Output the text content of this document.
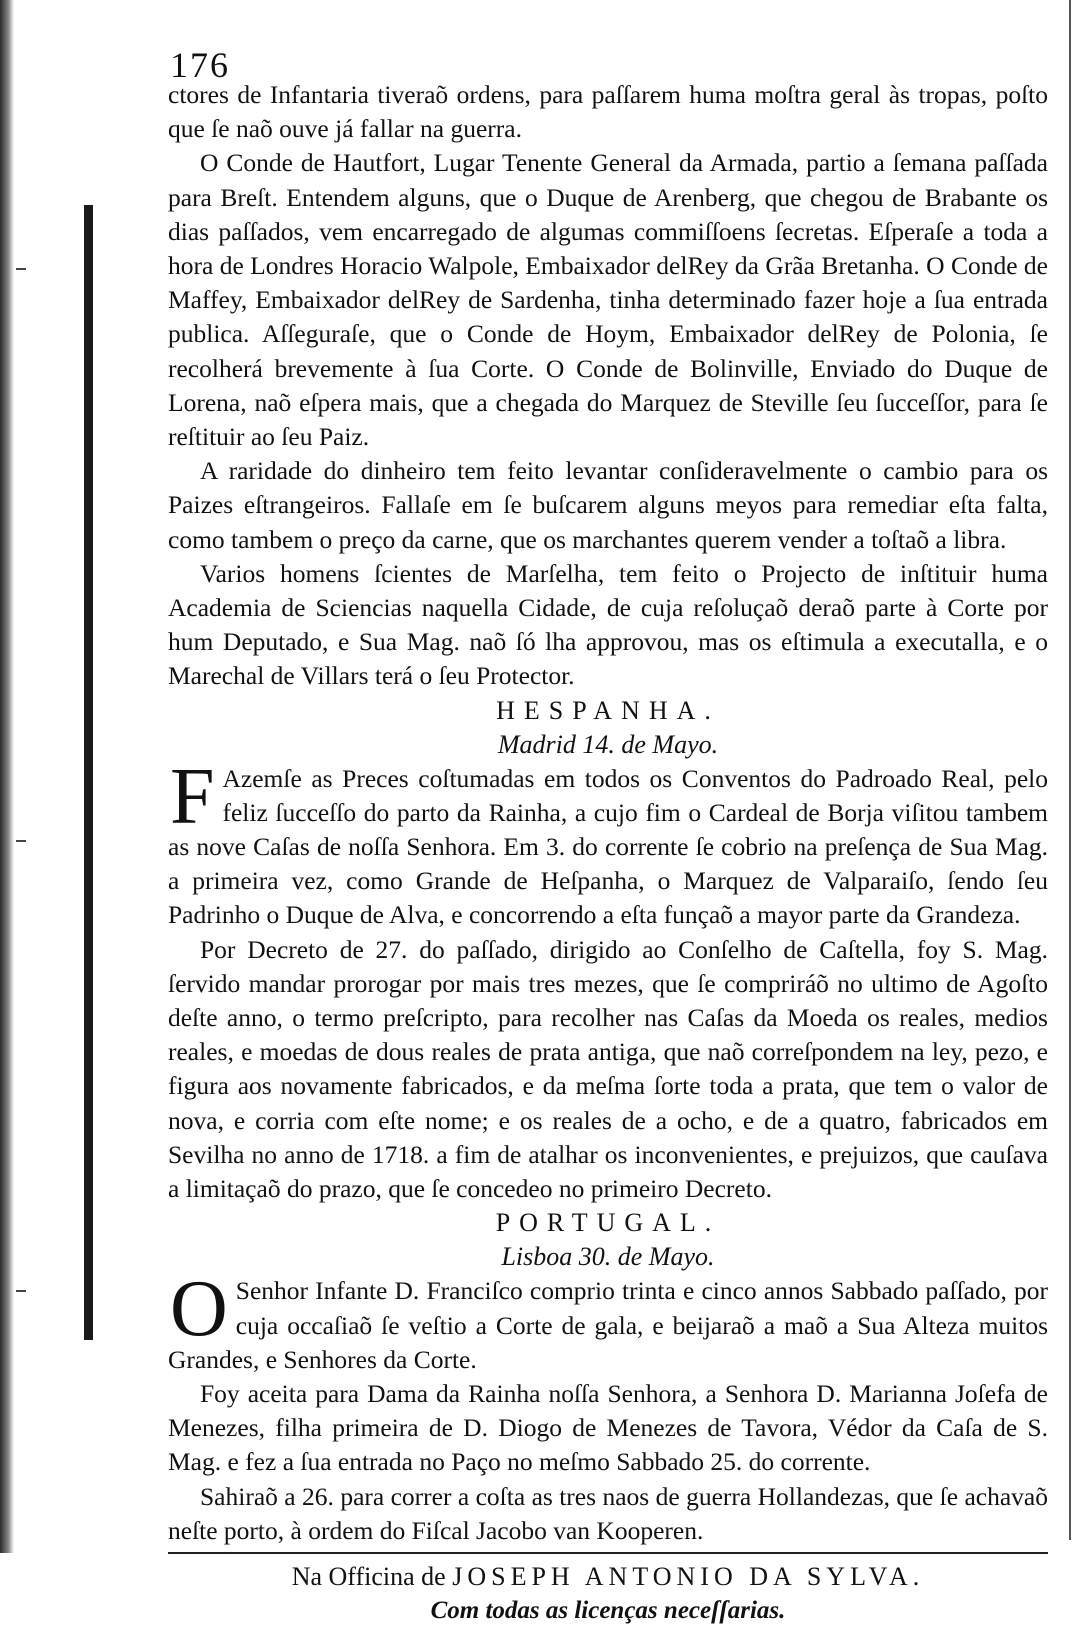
176

ctores de Infantaria tiveraõ ordens, para paſſarem huma moſtra geral às tropas, poſto que ſe naõ ouve já fallar na guerra.

O Conde de Hautfort, Lugar Tenente General da Armada, partio a ſemana paſſada para Breſt. Entendem alguns, que o Duque de Arenberg, que chegou de Brabante os dias paſſados, vem encarregado de algumas commiſſoens ſecretas. Eſperaſe a toda a hora de Londres Horacio Walpole, Embaixador delRey da Grãa Bretanha. O Conde de Maffey, Embaixador delRey de Sardenha, tinha determinado fazer hoje a ſua entrada publica. Aſſeguraſe, que o Conde de Hoym, Embaixador delRey de Polonia, ſe recolherá brevemente à ſua Corte. O Conde de Bolinville, Enviado do Duque de Lorena, naõ eſpera mais, que a chegada do Marquez de Steville ſeu ſucceſſor, para ſe reſtituir ao ſeu Paiz.

A raridade do dinheiro tem feito levantar conſideravelmente o cambio para os Paizes eſtrangeiros. Fallaſe em ſe buſcarem alguns meyos para remediar eſta falta, como tambem o preço da carne, que os marchantes querem vender a toſtaõ a libra.

Varios homens ſcientes de Marſelha, tem feito o Projecto de inſtituir huma Academia de Sciencias naquella Cidade, de cuja reſoluçaõ deraõ parte à Corte por hum Deputado, e Sua Mag. naõ ſó lha approvou, mas os eſtimula a executalla, e o Marechal de Villars terá o ſeu Protector.

HESPANHA.
Madrid 14. de Mayo.

FAzemſe as Preces coſtumadas em todos os Conventos do Padroado Real, pelo feliz ſucceſſo do parto da Rainha, a cujo fim o Cardeal de Borja viſitou tambem as nove Caſas de noſſa Senhora. Em 3. do corrente ſe cobrio na preſença de Sua Mag. a primeira vez, como Grande de Heſpanha, o Marquez de Valparaiſo, ſendo ſeu Padrinho o Duque de Alva, e concorrendo a eſta funçaõ a mayor parte da Grandeza.

Por Decreto de 27. do paſſado, dirigido ao Conſelho de Caſtella, foy S. Mag. ſervido mandar prorogar por mais tres mezes, que ſe compriráõ no ultimo de Agoſto deſte anno, o termo preſcripto, para recolher nas Caſas da Moeda os reales, medios reales, e moedas de dous reales de prata antiga, que naõ correſpondem na ley, pezo, e figura aos novamente fabricados, e da meſma ſorte toda a prata, que tem o valor de nova, e corria com eſte nome; e os reales de a ocho, e de a quatro, fabricados em Sevilha no anno de 1718. a fim de atalhar os inconvenientes, e prejuizos, que cauſava a limitaçaõ do prazo, que ſe concedeo no primeiro Decreto.

PORTUGAL.
Lisboa 30. de Mayo.

OSenhor Infante D. Franciſco comprio trinta e cinco annos Sabbado paſſado, por cuja occaſiaõ ſe veſtio a Corte de gala, e beijaraõ a maõ a Sua Alteza muitos Grandes, e Senhores da Corte.

Foy aceita para Dama da Rainha noſſa Senhora, a Senhora D. Marianna Joſefa de Menezes, filha primeira de D. Diogo de Menezes de Tavora, Védor da Caſa de S. Mag. e fez a ſua entrada no Paço no meſmo Sabbado 25. do corrente.

Sahiraõ a 26. para correr a coſta as tres naos de guerra Hollandezas, que ſe achavaõ neſte porto, à ordem do Fiſcal Jacobo van Kooperen.

Na Officina de JOSEPH ANTONIO DA SYLVA.
Com todas as licenças neceſſarias.
